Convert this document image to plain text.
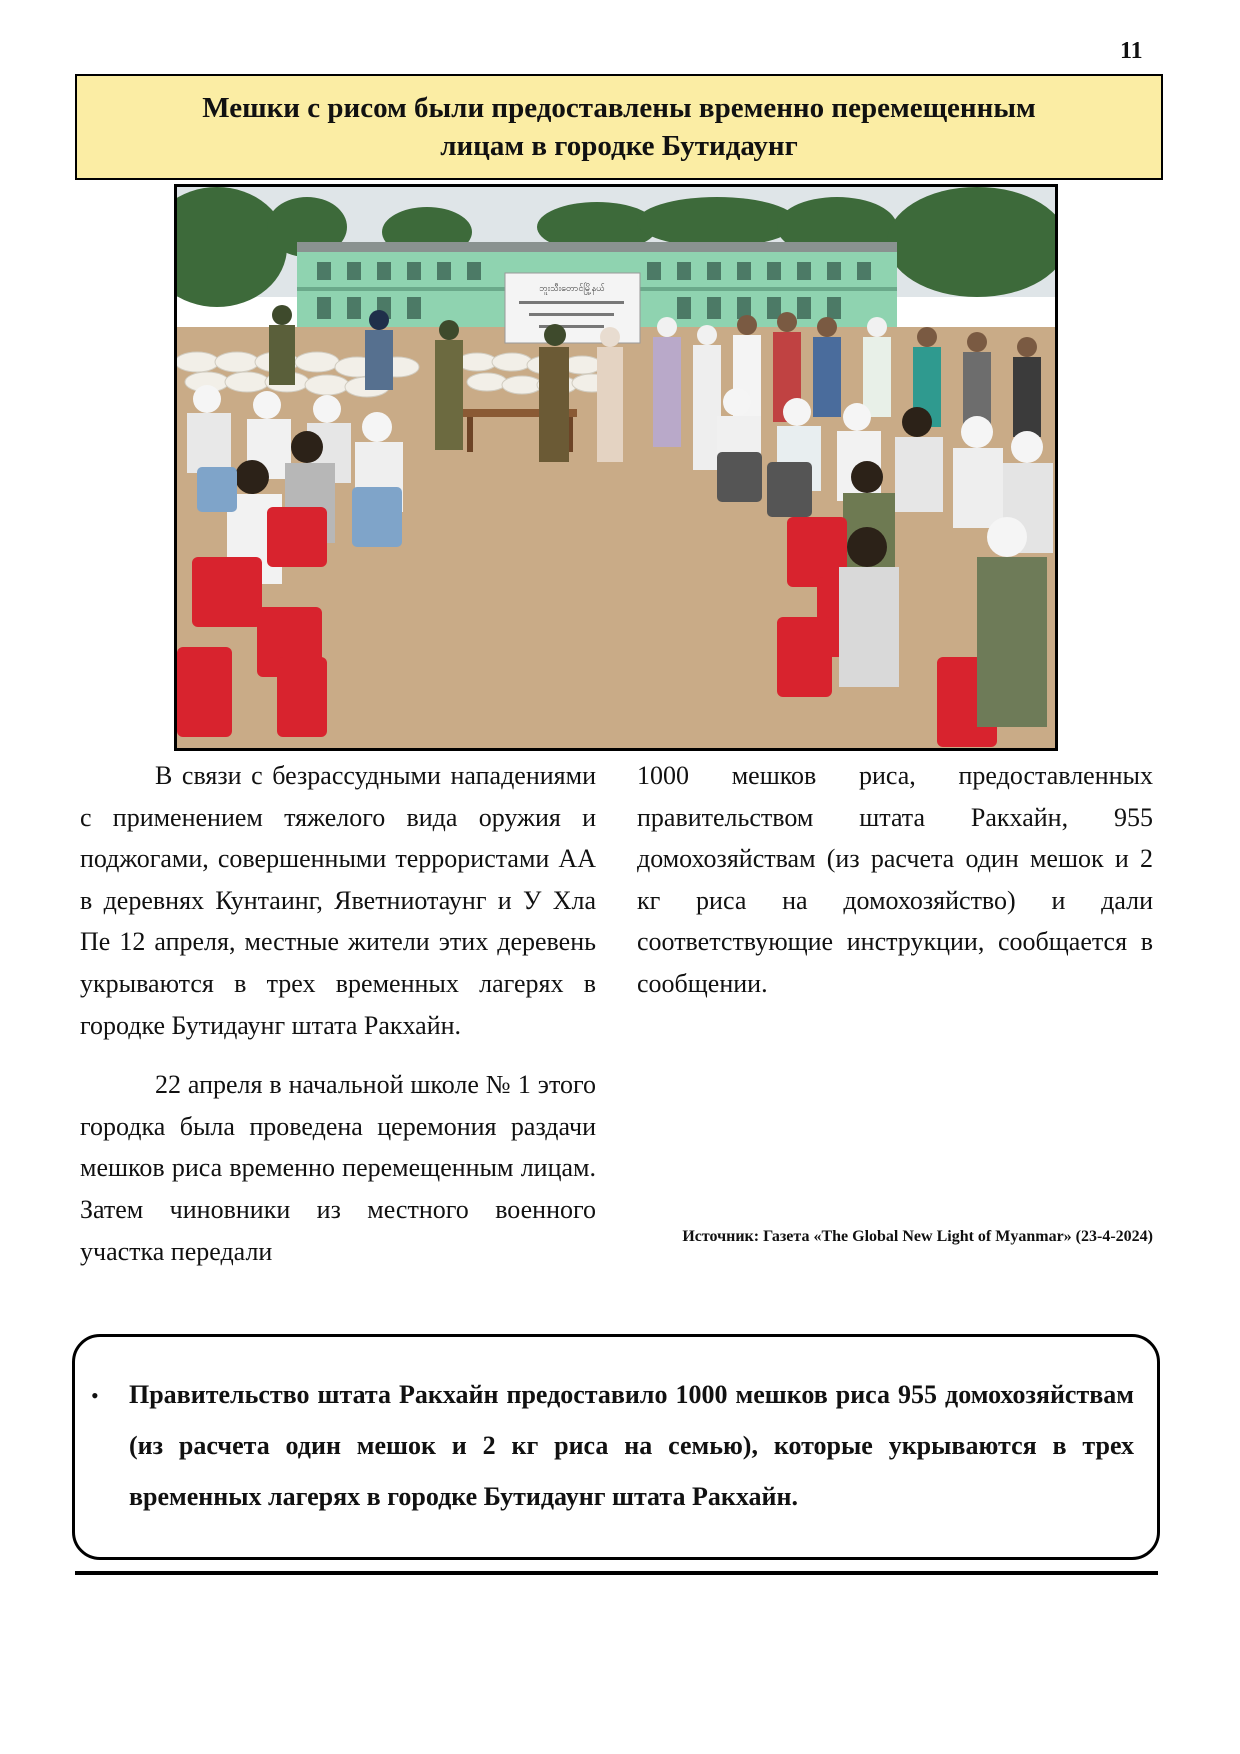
11
Мешки с рисом были предоставлены временно перемещенным лицам в городке Бутидаунг
ဘူးသီးတောင်မြို့နယ်

В связи с безрассудными нападениями с применением тяжелого вида оружия и поджогами, совершенными террористами АА в деревнях Кунтаинг, Яветниотаунг и У Хла Пе 12 апреля, местные жители этих деревень укрываются в трех временных лагерях в городке Бутидаунг штата Ракхайн.

22 апреля в начальной школе № 1 этого городка была проведена церемония раздачи мешков риса временно перемещенным лицам. Затем чиновники из местного военного участка передали

1000 мешков риса, предоставленных правительством штата Ракхайн, 955 домохозяйствам (из расчета один мешок и 2 кг риса на домохозяйство) и дали соответствующие инструкции, сообщается в сообщении.

Источник: Газета «The Global New Light of Myanmar» (23-4-2024)
• Правительство штата Ракхайн предоставило 1000 мешков риса 955 домохозяйствам (из расчета один мешок и 2 кг риса на семью), которые укрываются в трех временных лагерях в городке Бутидаунг штата Ракхайн.
